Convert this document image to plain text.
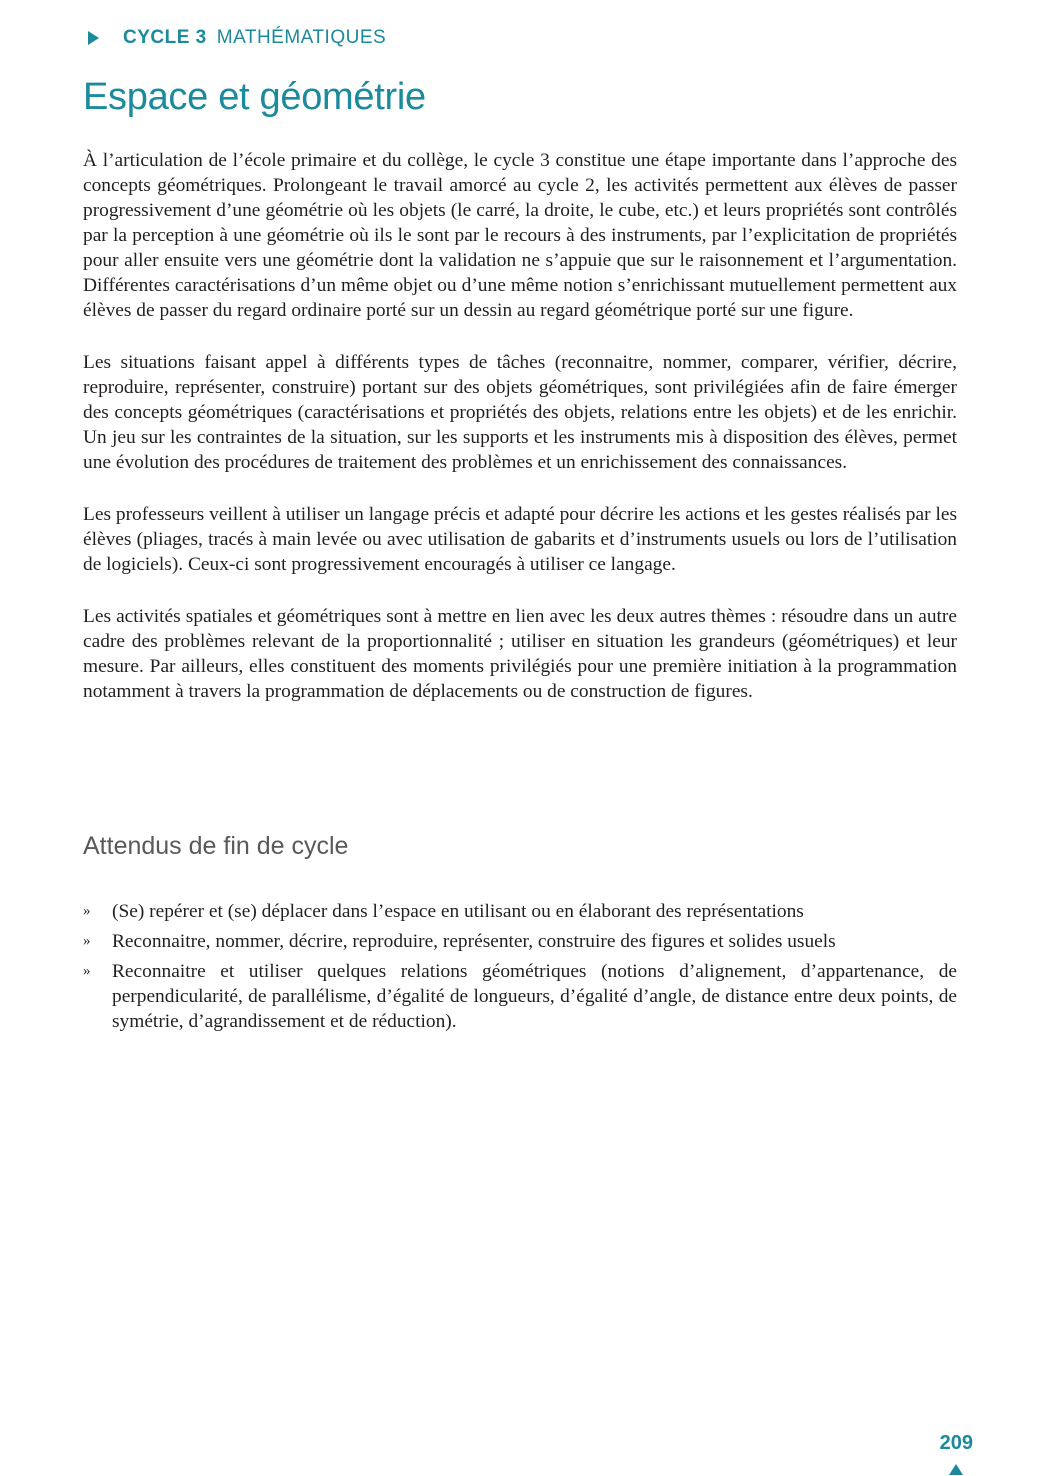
CYCLE 3 MATHÉMATIQUES
Espace et géométrie

À l’articulation de l’école primaire et du collège, le cycle 3 constitue une étape importante dans l’approche des concepts géométriques. Prolongeant le travail amorcé au cycle 2, les activités permettent aux élèves de passer progressivement d’une géométrie où les objets (le carré, la droite, le cube, etc.) et leurs propriétés sont contrôlés par la perception à une géométrie où ils le sont par le recours à des instruments, par l’explicitation de propriétés pour aller ensuite vers une géométrie dont la validation ne s’appuie que sur le raisonnement et l’argumentation. Différentes caractérisations d’un même objet ou d’une même notion s’enrichissant mutuellement permettent aux élèves de passer du regard ordinaire porté sur un dessin au regard géométrique porté sur une figure.

Les situations faisant appel à différents types de tâches (reconnaitre, nommer, comparer, vérifier, décrire, reproduire, représenter, construire) portant sur des objets géométriques, sont privilégiées afin de faire émerger des concepts géométriques (caractérisations et propriétés des objets, relations entre les objets) et de les enrichir. Un jeu sur les contraintes de la situation, sur les supports et les instruments mis à disposition des élèves, permet une évolution des procédures de traitement des problèmes et un enrichissement des connaissances.

Les professeurs veillent à utiliser un langage précis et adapté pour décrire les actions et les gestes réalisés par les élèves (pliages, tracés à main levée ou avec utilisation de gabarits et d’instruments usuels ou lors de l’utilisation de logiciels). Ceux-ci sont progressivement encouragés à utiliser ce langage.

Les activités spatiales et géométriques sont à mettre en lien avec les deux autres thèmes : résoudre dans un autre cadre des problèmes relevant de la proportionnalité ; utiliser en situation les grandeurs (géométriques) et leur mesure. Par ailleurs, elles constituent des moments privilégiés pour une première initiation à la programmation notamment à travers la programmation de déplacements ou de construction de figures.

Attendus de fin de cycle
»	(Se) repérer et (se) déplacer dans l’espace en utilisant ou en élaborant des représentations
»	Reconnaitre, nommer, décrire, reproduire, représenter, construire des figures et solides usuels
»	Reconnaitre et utiliser quelques relations géométriques (notions d’alignement, d’appartenance, de perpendicularité, de parallélisme, d’égalité de longueurs, d’égalité d’angle, de distance entre deux points, de symétrie, d’agrandissement et de réduction).
209
